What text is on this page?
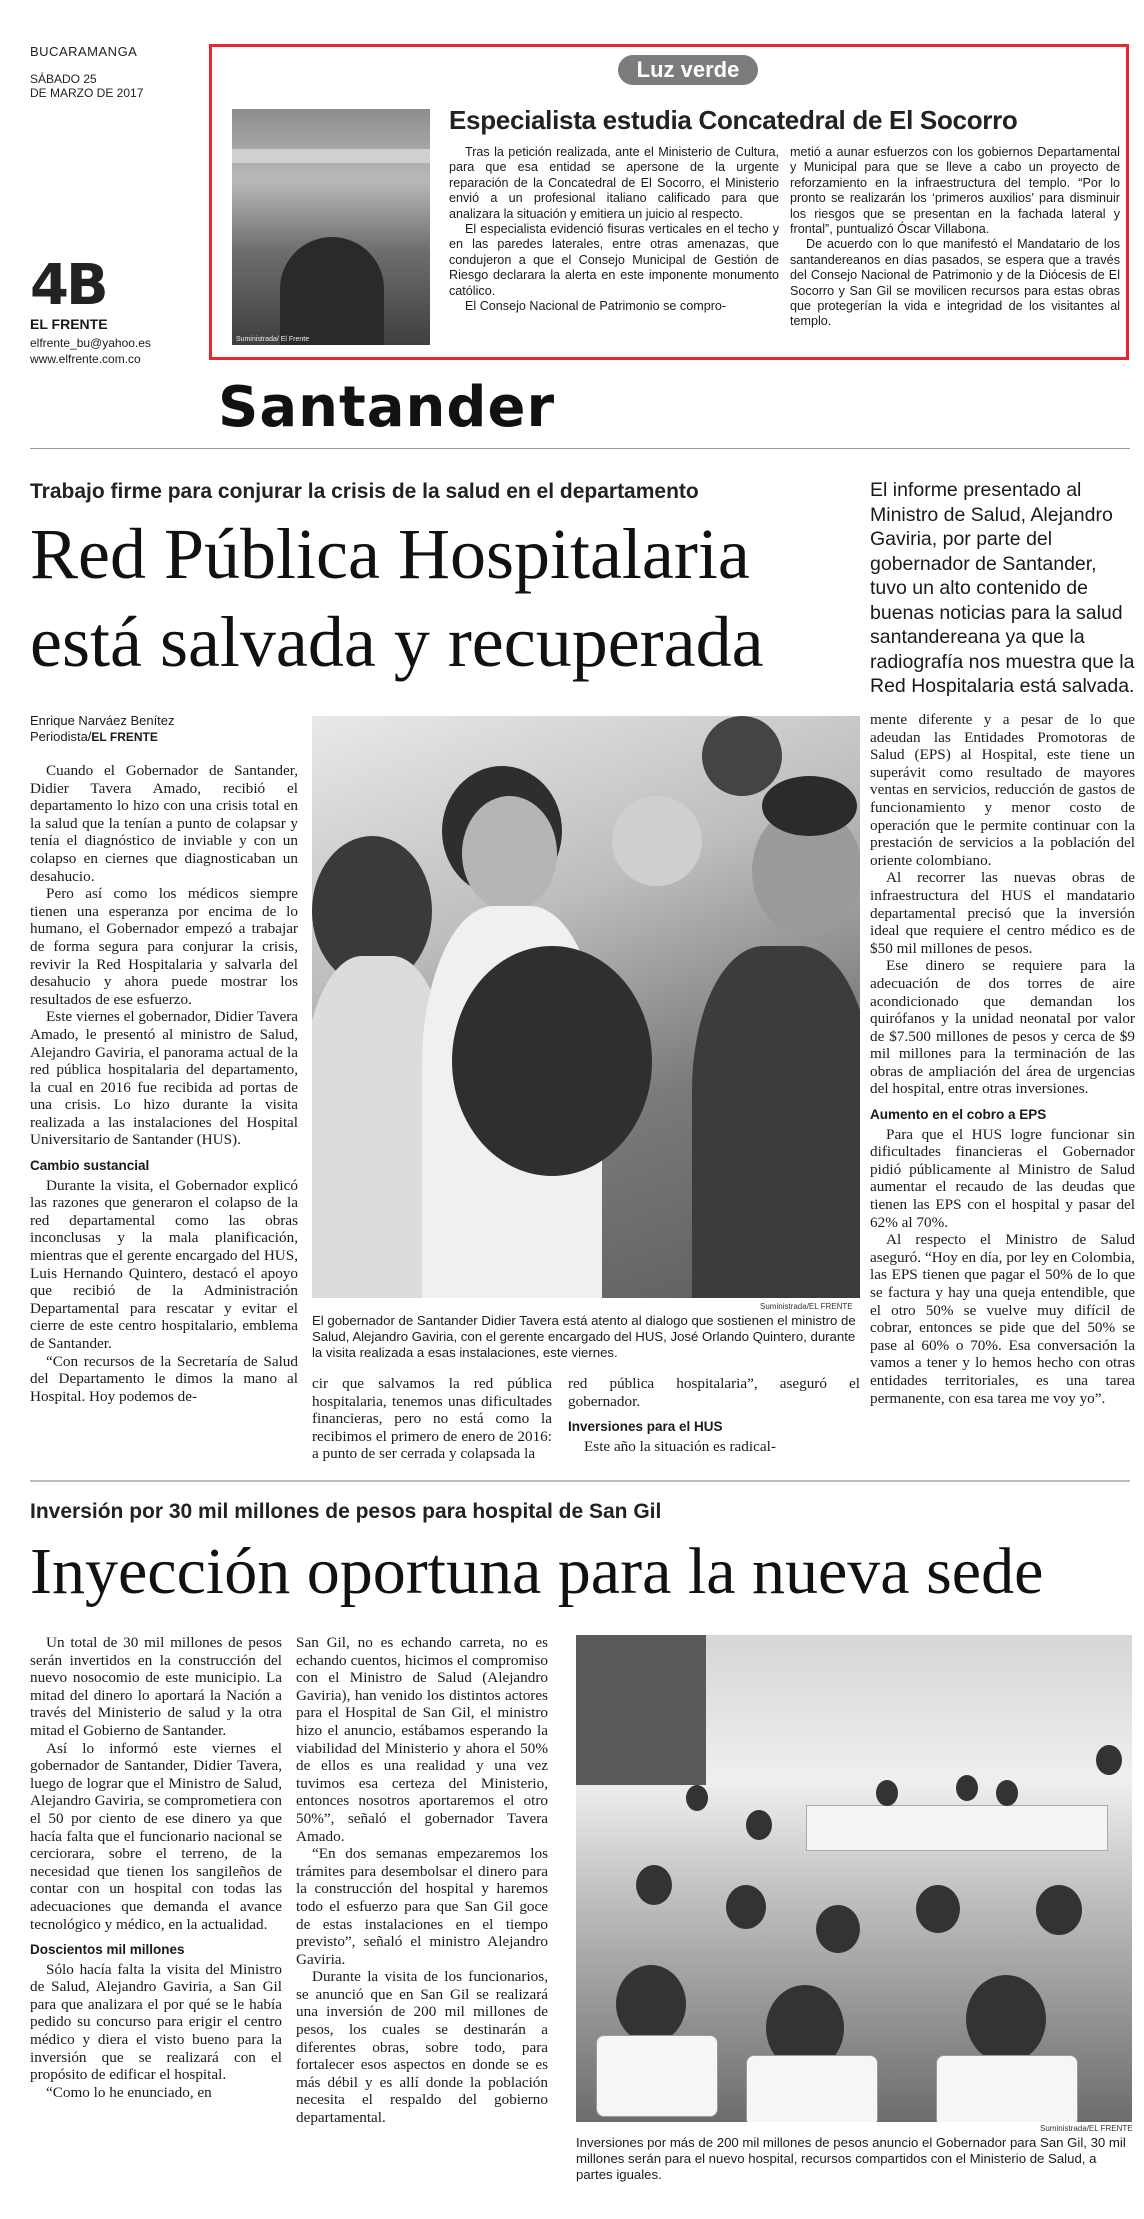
BUCARAMANGA
SÁBADO 25
DE MARZO DE 2017
4B
EL FRENTE
elfrente_bu@yahoo.es
www.elfrente.com.co
Luz verde
Suministrada/ El Frente
Especialista estudia Concatedral de El Socorro

Tras la petición realizada, ante el Ministerio de Cultura, para que esa entidad se apersone de la urgente reparación de la Concatedral de El Socorro, el Ministerio envió a un profesional italiano calificado para que analizara la situación y emitiera un juicio al respecto.

El especialista evidenció fisuras verticales en el techo y en las paredes laterales, entre otras amenazas, que condujeron a que el Consejo Municipal de Gestión de Riesgo declarara la alerta en este imponente monumento católico.

El Consejo Nacional de Patrimonio se compro-

metió a aunar esfuerzos con los gobiernos Departamental y Municipal para que se lleve a cabo un proyecto de reforzamiento en la infraestructura del templo. “Por lo pronto se realizarán los ‘primeros auxilios’ para disminuir los riesgos que se presentan en la fachada lateral y frontal”, puntualizó Óscar Villabona.

De acuerdo con lo que manifestó el Mandatario de los santandereanos en días pasados, se espera que a través del Consejo Nacional de Patrimonio y de la Diócesis de El Socorro y San Gil se movilicen recursos para estas obras que protegerían la vida e integridad de los visitantes al templo.

Santander
Trabajo firme para conjurar la crisis de la salud en el departamento
Red Pública Hospitalaria
está salvada y recuperada
El informe presentado al Ministro de Salud, Alejandro Gaviria, por parte del gobernador de Santander, tuvo un alto contenido de buenas noticias para la salud santandereana ya que la radiografía nos muestra que la Red Hospitalaria está salvada.
Enrique Narváez Benítez
Periodista/EL FRENTE

Cuando el Gobernador de Santander, Didier Tavera Amado, recibió el departamento lo hizo con una crisis total en la salud que la tenían a punto de colapsar y tenía el diagnóstico de inviable y con un colapso en ciernes que diagnosticaban un desahucio.

Pero así como los médicos siempre tienen una esperanza por encima de lo humano, el Gobernador empezó a trabajar de forma segura para conjurar la crisis, revivir la Red Hospitalaria y salvarla del desahucio y ahora puede mostrar los resultados de ese esfuerzo.

Este viernes el gobernador, Didier Tavera Amado, le presentó al ministro de Salud, Alejandro Gaviria, el panorama actual de la red pública hospitalaria del departamento, la cual en 2016 fue recibida ad portas de una crisis. Lo hizo durante la visita realizada a las instalaciones del Hospital Universitario de Santander (HUS).

Cambio sustancial

Durante la visita, el Gobernador explicó las razones que generaron el colapso de la red departamental como las obras inconclusas y la mala planificación, mientras que el gerente encargado del HUS, Luis Hernando Quintero, destacó el apoyo que recibió de la Administración Departamental para rescatar y evitar el cierre de este centro hospitalario, emblema de Santander.

“Con recursos de la Secretaría de Salud del Departamento le dimos la mano al Hospital. Hoy podemos de-

Suministrada/EL FRENTE
El gobernador de Santander Didier Tavera está atento al dialogo que sostienen el ministro de Salud, Alejandro Gaviria, con el gerente encargado del HUS, José Orlando Quintero, durante la visita realizada a esas instalaciones, este viernes.

cir que salvamos la red pública hospitalaria, tenemos unas dificultades financieras, pero no está como la recibimos el primero de enero de 2016: a punto de ser cerrada y colapsada la

red pública hospitalaria”, aseguró el gobernador.

Inversiones para el HUS

Este año la situación es radical-

mente diferente y a pesar de lo que adeudan las Entidades Promotoras de Salud (EPS) al Hospital, este tiene un superávit como resultado de mayores ventas en servicios, reducción de gastos de funcionamiento y menor costo de operación que le permite continuar con la prestación de servicios a la población del oriente colombiano.

Al recorrer las nuevas obras de infraestructura del HUS el mandatario departamental precisó que la inversión ideal que requiere el centro médico es de $50 mil millones de pesos.

Ese dinero se requiere para la adecuación de dos torres de aire acondicionado que demandan los quirófanos y la unidad neonatal por valor de $7.500 millones de pesos y cerca de $9 mil millones para la terminación de las obras de ampliación del área de urgencias del hospital, entre otras inversiones.

Aumento en el cobro a EPS

Para que el HUS logre funcionar sin dificultades financieras el Gobernador pidió públicamente al Ministro de Salud aumentar el recaudo de las deudas que tienen las EPS con el hospital y pasar del 62% al 70%.

Al respecto el Ministro de Salud aseguró. “Hoy en día, por ley en Colombia, las EPS tienen que pagar el 50% de lo que se factura y hay una queja entendible, que el otro 50% se vuelve muy difícil de cobrar, entonces se pide que del 50% se pase al 60% o 70%. Esa conversación la vamos a tener y lo hemos hecho con otras entidades territoriales, es una tarea permanente, con esa tarea me voy yo”.

Inversión por 30 mil millones de pesos para hospital de San Gil
Inyección oportuna para la nueva sede

Un total de 30 mil millones de pesos serán invertidos en la construcción del nuevo nosocomio de este municipio. La mitad del dinero lo aportará la Nación a través del Ministerio de salud y la otra mitad el Gobierno de Santander.

Así lo informó este viernes el gobernador de Santander, Didier Tavera, luego de lograr que el Ministro de Salud, Alejandro Gaviria, se comprometiera con el 50 por ciento de ese dinero ya que hacía falta que el funcionario nacional se cerciorara, sobre el terreno, de la necesidad que tienen los sangileños de contar con un hospital con todas las adecuaciones que demanda el avance tecnológico y médico, en la actualidad.

Doscientos mil millones

Sólo hacía falta la visita del Ministro de Salud, Alejandro Gaviria, a San Gil para que analizara el por qué se le había pedido su concurso para erigir el centro médico y diera el visto bueno para la inversión que se realizará con el propósito de edificar el hospital.

“Como lo he enunciado, en

San Gil, no es echando carreta, no es echando cuentos, hicimos el compromiso con el Ministro de Salud (Alejandro Gaviria), han venido los distintos actores para el Hospital de San Gil, el ministro hizo el anuncio, estábamos esperando la viabilidad del Ministerio y ahora el 50% de ellos es una realidad y una vez tuvimos esa certeza del Ministerio, entonces nosotros aportaremos el otro 50%”, señaló el gobernador Tavera Amado.

“En dos semanas empezaremos los trámites para desembolsar el dinero para la construcción del hospital y haremos todo el esfuerzo para que San Gil goce de estas instalaciones en el tiempo previsto”, señaló el ministro Alejandro Gaviria.

Durante la visita de los funcionarios, se anunció que en San Gil se realizará una inversión de 200 mil millones de pesos, los cuales se destinarán a diferentes obras, sobre todo, para fortalecer esos aspectos en donde se es más débil y es allí donde la población necesita el respaldo del gobierno departamental.

Suministrada/EL FRENTE
Inversiones por más de 200 mil millones de pesos anuncio el Gobernador para San Gil, 30 mil millones serán para el nuevo hospital, recursos compartidos con el Ministerio de Salud, a partes iguales.
